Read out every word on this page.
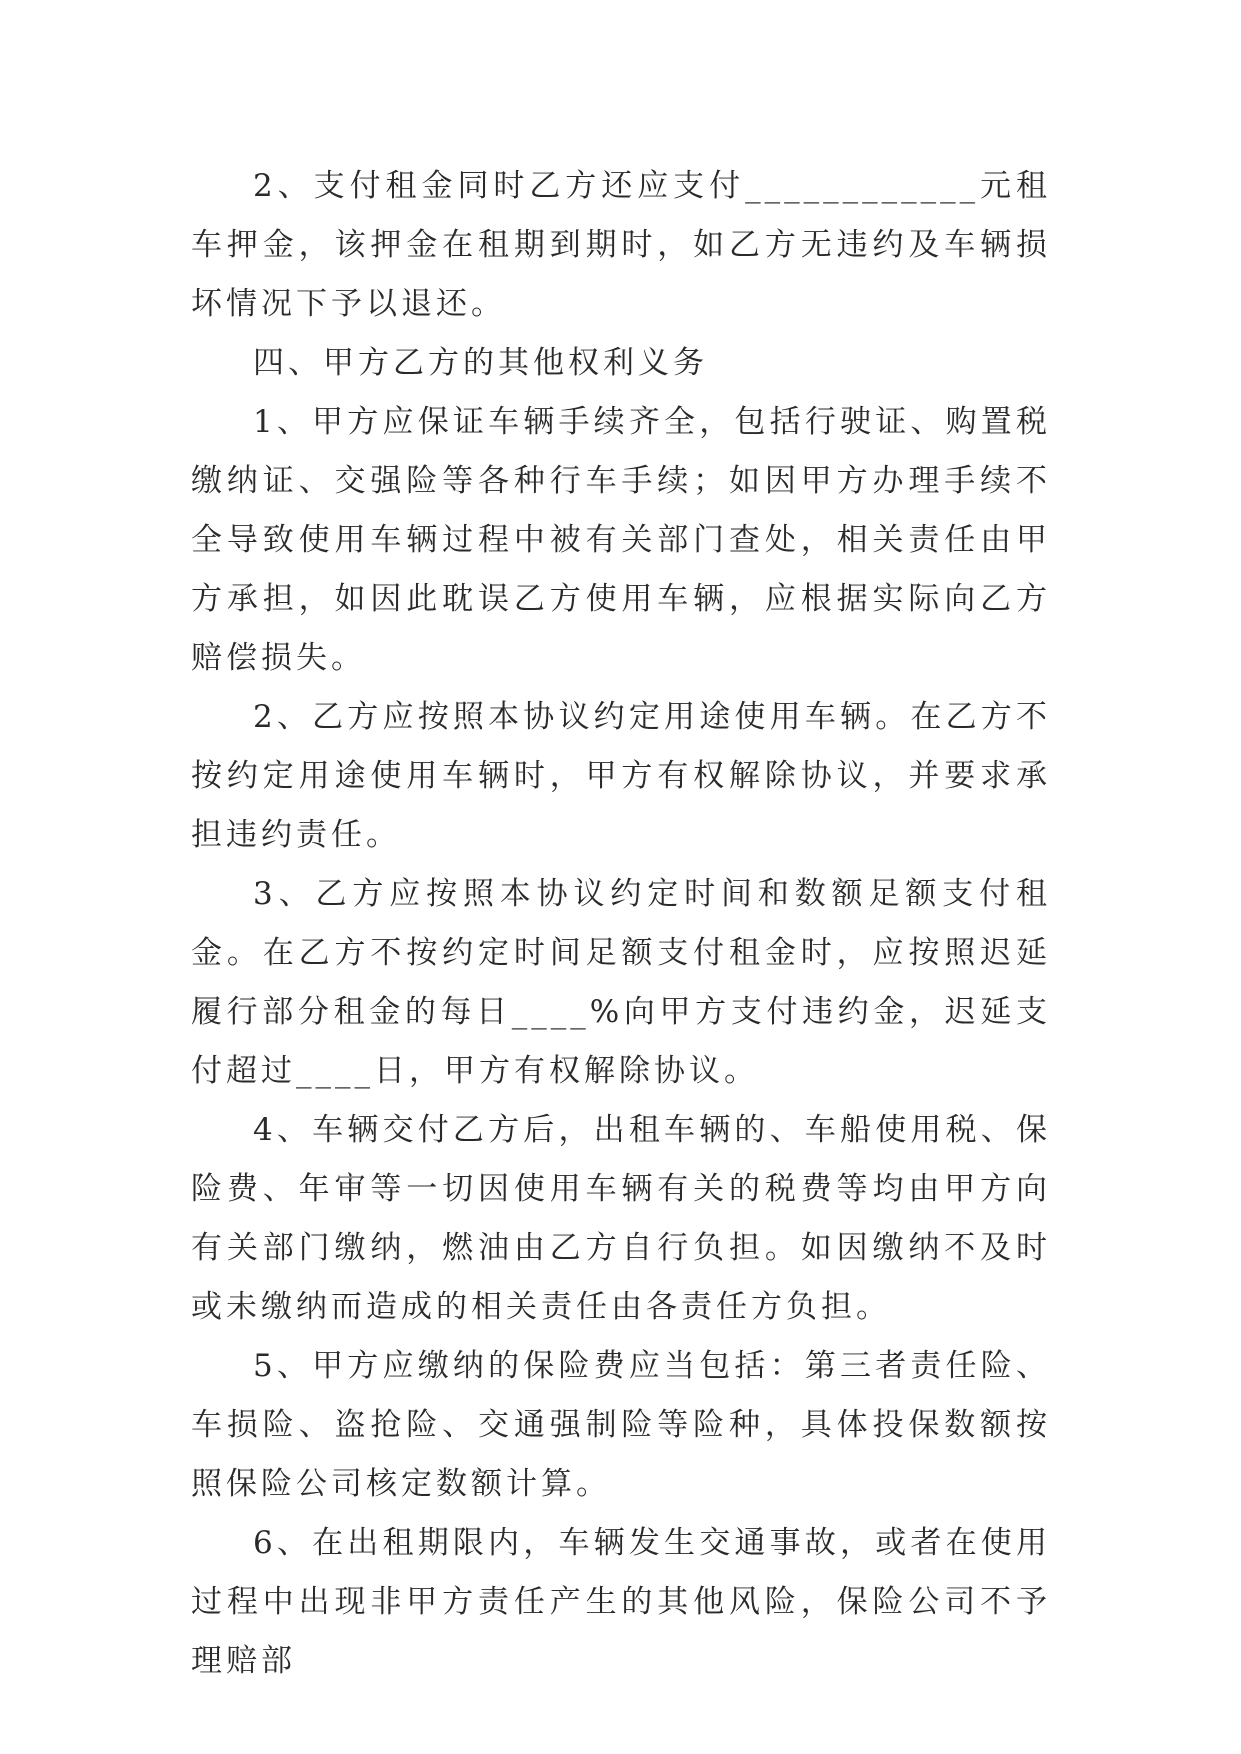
2、支付租金同时乙方还应支付____________元租车押金，该押金在租期到期时，如乙方无违约及车辆损坏情况下予以退还。

四、甲方乙方的其他权利义务

1、甲方应保证车辆手续齐全，包括行驶证、购置税缴纳证、交强险等各种行车手续；如因甲方办理手续不全导致使用车辆过程中被有关部门查处，相关责任由甲方承担，如因此耽误乙方使用车辆，应根据实际向乙方赔偿损失。

2、乙方应按照本协议约定用途使用车辆。在乙方不按约定用途使用车辆时，甲方有权解除协议，并要求承担违约责任。

3、乙方应按照本协议约定时间和数额足额支付租金。在乙方不按约定时间足额支付租金时，应按照迟延履行部分租金的每日____%向甲方支付违约金，迟延支付超过____日，甲方有权解除协议。

4、车辆交付乙方后，出租车辆的、车船使用税、保险费、年审等一切因使用车辆有关的税费等均由甲方向有关部门缴纳，燃油由乙方自行负担。如因缴纳不及时或未缴纳而造成的相关责任由各责任方负担。

5、甲方应缴纳的保险费应当包括：第三者责任险、车损险、盗抢险、交通强制险等险种，具体投保数额按照保险公司核定数额计算。

6、在出租期限内，车辆发生交通事故，或者在使用过程中出现非甲方责任产生的其他风险，保险公司不予理赔部
